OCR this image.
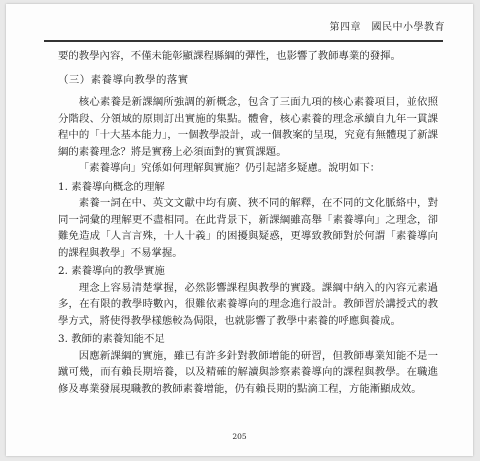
第四章　國民中小學教育

要的教學內容，不僅未能彰顯課程縣綱的彈性，也影響了教師專業的發揮。

（三）素養導向教學的落實

核心素養是新課綱所強調的新概念，包含了三面九項的核心素養項目，並依照分階段、分領域的原則訂出實施的集點。體會，核心素養的理念承續自九年一貫課程中的「十大基本能力」，一個教學設計，或一個教案的呈現，究竟有無體現了新課綱的素養理念？將是實務上必須面對的實質課題。

「素養導向」究係如何理解與實施？仍引起諸多疑慮。說明如下：

1. 素養導向概念的理解

素養一詞在中、英文文獻中均有廣、狹不同的解釋，在不同的文化脈絡中，對同一詞彙的理解更不盡相同。在此背景下，新課綱雖高舉「素養導向」之理念，卻難免造成「人言言殊，十人十義」的困擾與疑惑，更導致教師對於何謂「素養導向的課程與教學」不易掌握。

2. 素養導向的教學實施

理念上容易清楚掌握，必然影響課程與教學的實踐。課綱中納入的內容元素過多，在有限的教學時數內，很難依素養導向的理念進行設計。教師習於講授式的教學方式，將使得教學樣態較為侷限，也就影響了教學中素養的呼應與養成。

3. 教師的素養知能不足

因應新課綱的實施，雖已有許多針對教師增能的研習，但教師專業知能不是一蹴可幾，而有賴長期培養，以及精確的解讀與診察素養導向的課程與教學。在職進修及專業發展現職教的教師素養增能，仍有賴長期的點滴工程，方能漸顯成效。

205
